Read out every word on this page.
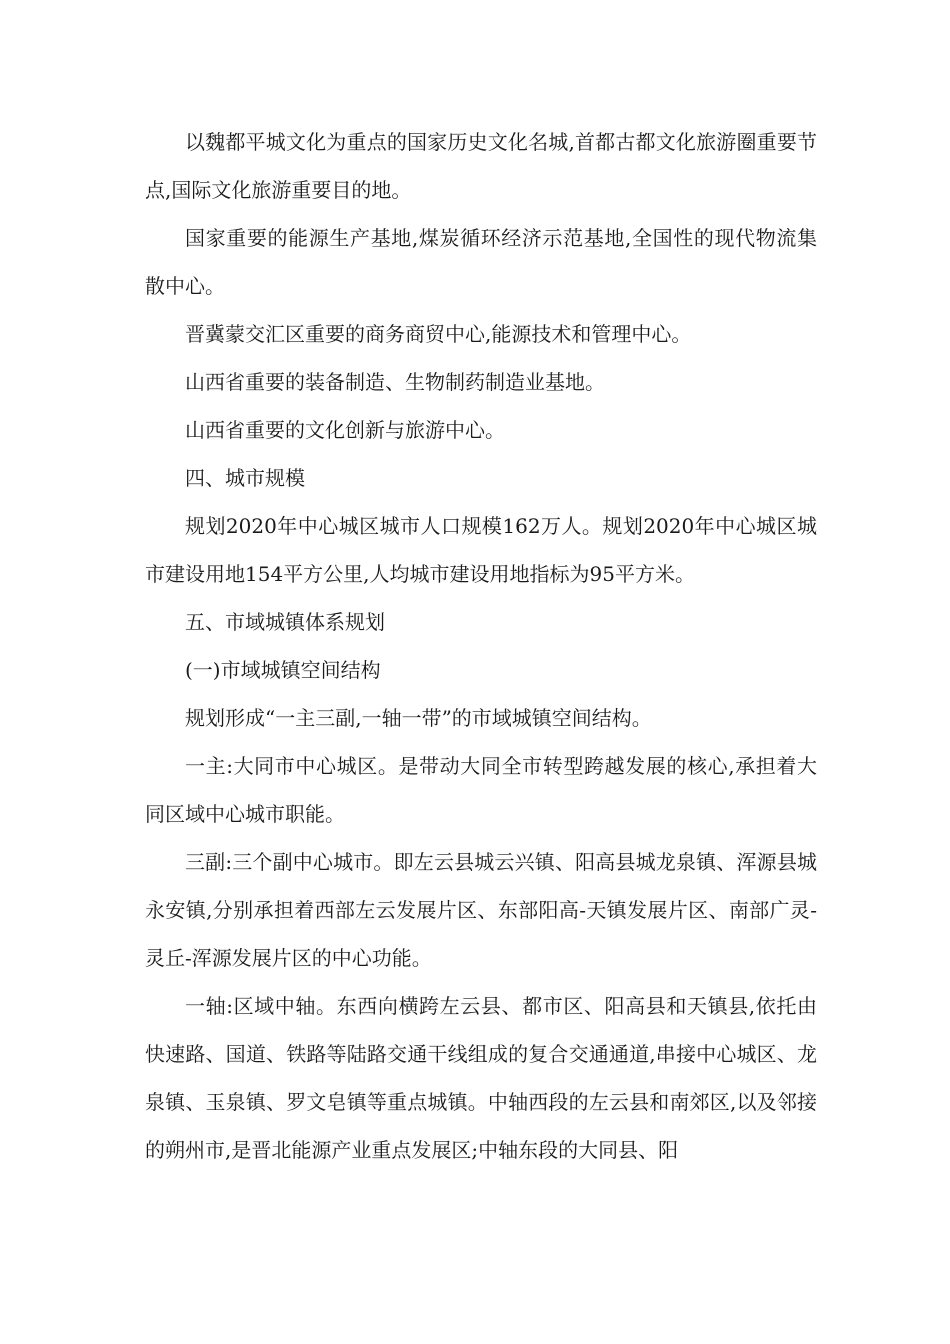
以魏都平城文化为重点的国家历史文化名城,首都古都文化旅游圈重要节点,国际文化旅游重要目的地。

国家重要的能源生产基地,煤炭循环经济示范基地,全国性的现代物流集散中心。

晋冀蒙交汇区重要的商务商贸中心,能源技术和管理中心。

山西省重要的装备制造、生物制药制造业基地。

山西省重要的文化创新与旅游中心。

四、城市规模

规划2020年中心城区城市人口规模162万人。规划2020年中心城区城市建设用地154平方公里,人均城市建设用地指标为95平方米。

五、市域城镇体系规划

(一)市域城镇空间结构

规划形成“一主三副,一轴一带”的市域城镇空间结构。

一主:大同市中心城区。是带动大同全市转型跨越发展的核心,承担着大同区域中心城市职能。

三副:三个副中心城市。即左云县城云兴镇、阳高县城龙泉镇、浑源县城永安镇,分别承担着西部左云发展片区、东部阳高-天镇发展片区、南部广灵-灵丘-浑源发展片区的中心功能。

一轴:区域中轴。东西向横跨左云县、都市区、阳高县和天镇县,依托由快速路、国道、铁路等陆路交通干线组成的复合交通通道,串接中心城区、龙泉镇、玉泉镇、罗文皂镇等重点城镇。中轴西段的左云县和南郊区,以及邻接的朔州市,是晋北能源产业重点发展区;中轴东段的大同县、阳
